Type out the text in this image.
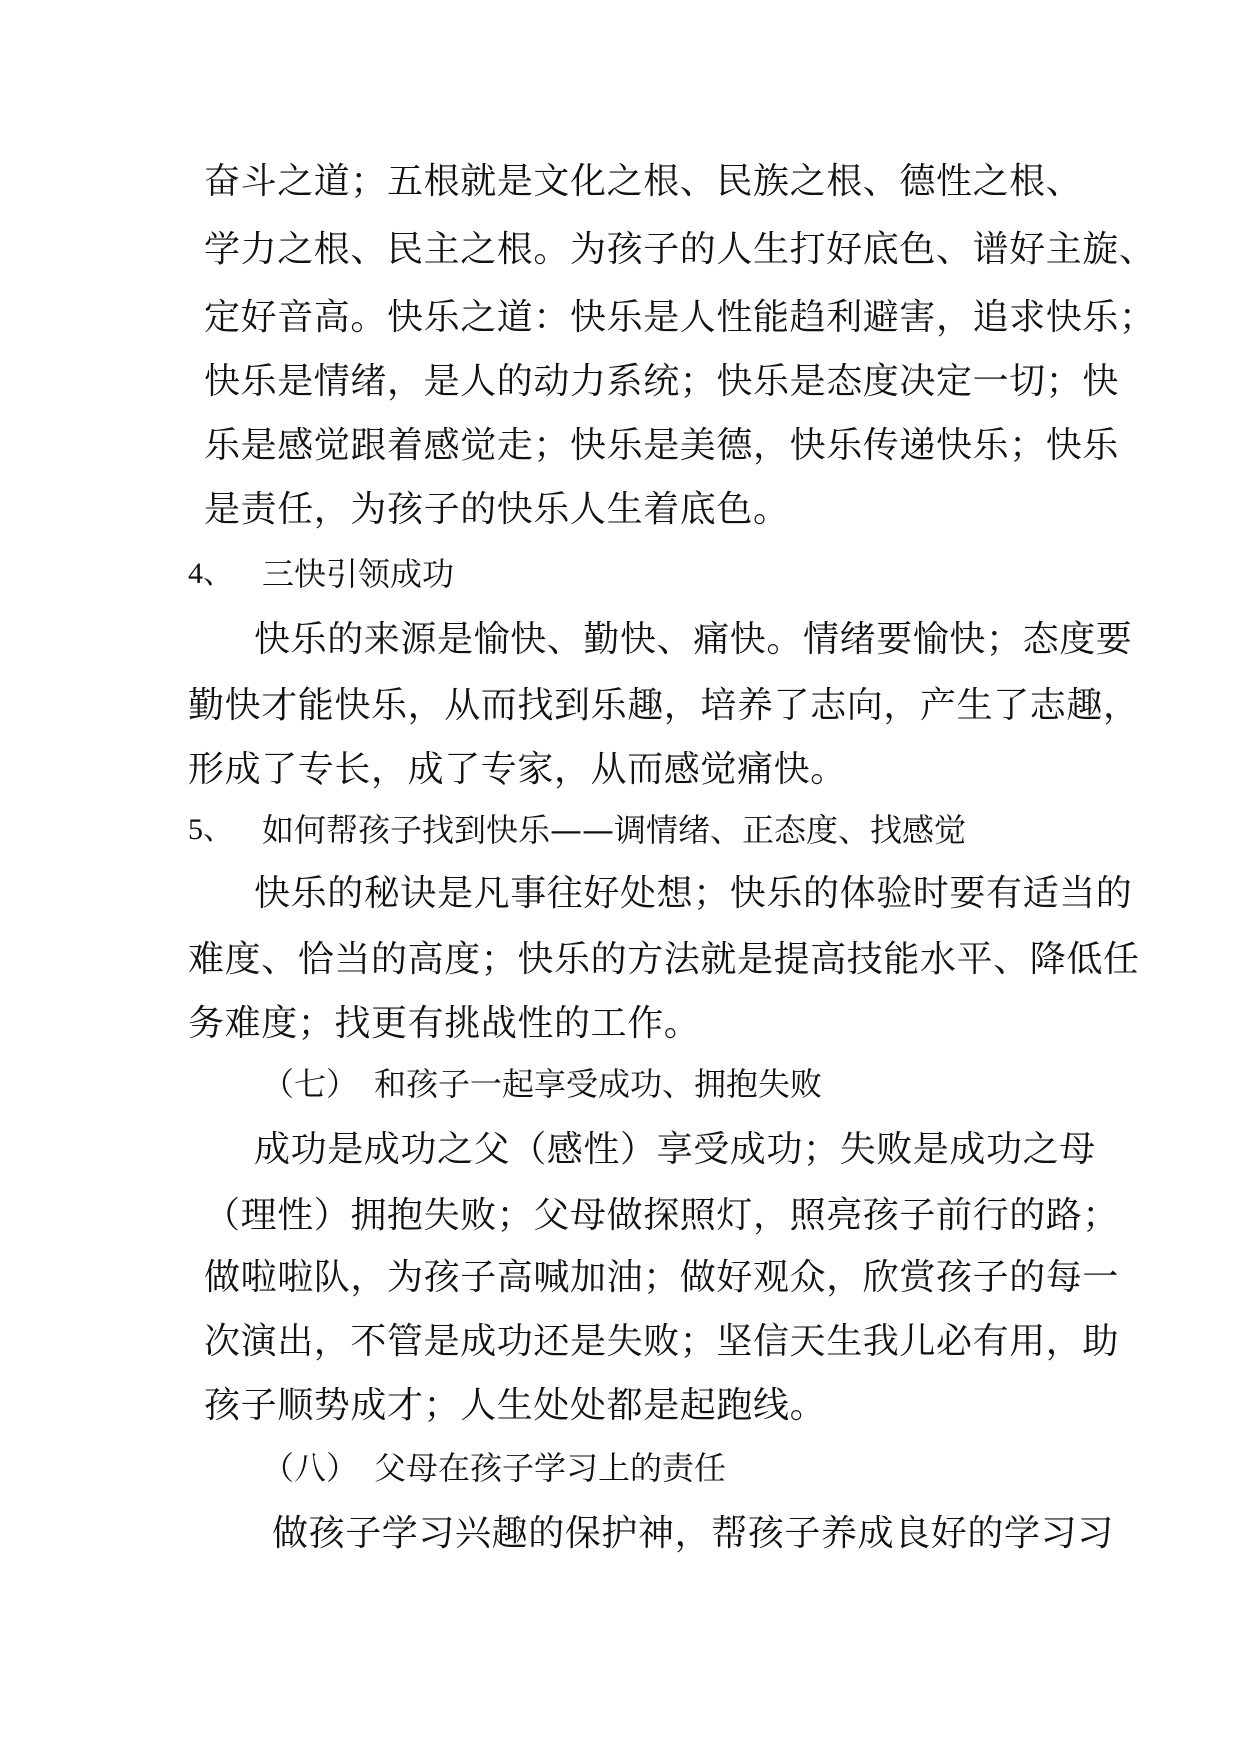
奋斗之道；五根就是文化之根、民族之根、德性之根、
学力之根、民主之根。为孩子的人生打好底色、谱好主旋、
定好音高。快乐之道：快乐是人性能趋利避害，追求快乐；
快乐是情绪，是人的动力系统；快乐是态度决定一切；快
乐是感觉跟着感觉走；快乐是美德，快乐传递快乐；快乐
是责任，为孩子的快乐人生着底色。
4、 三快引领成功
快乐的来源是愉快、勤快、痛快。情绪要愉快；态度要
勤快才能快乐，从而找到乐趣，培养了志向，产生了志趣，
形成了专长，成了专家，从而感觉痛快。
5、 如何帮孩子找到快乐——调情绪、正态度、找感觉
快乐的秘诀是凡事往好处想；快乐的体验时要有适当的
难度、恰当的高度；快乐的方法就是提高技能水平、降低任
务难度；找更有挑战性的工作。
（七） 和孩子一起享受成功、拥抱失败
成功是成功之父（感性）享受成功；失败是成功之母
（理性）拥抱失败；父母做探照灯，照亮孩子前行的路；
做啦啦队，为孩子高喊加油；做好观众，欣赏孩子的每一
次演出，不管是成功还是失败；坚信天生我儿必有用，助
孩子顺势成才；人生处处都是起跑线。
（八） 父母在孩子学习上的责任
做孩子学习兴趣的保护神，帮孩子养成良好的学习习
